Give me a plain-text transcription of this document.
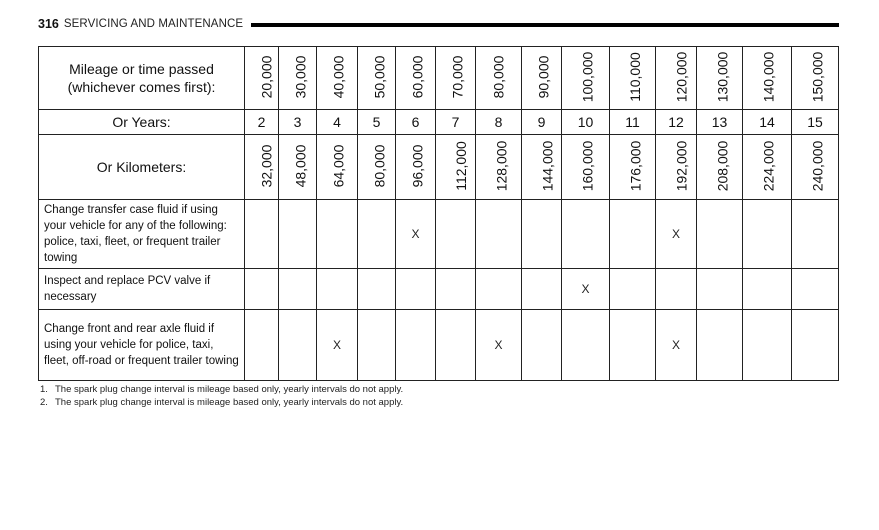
316 SERVICING AND MAINTENANCE
Mileage or time passed
(whichever comes first):	20,000	30,000	40,000	50,000	60,000	70,000	80,000	90,000	100,000	110,000	120,000	130,000	140,000	150,000
Or Years:	2	3	4	5	6	7	8	9	10	11	12	13	14	15
Or Kilometers:	32,000	48,000	64,000	80,000	96,000	112,000	128,000	144,000	160,000	176,000	192,000	208,000	224,000	240,000
Change transfer case fluid if using your vehicle for any of the following: police, taxi, fleet, or frequent trailer towing					X						X			
Inspect and replace PCV valve if necessary									X					
Change front and rear axle fluid if using your vehicle for police, taxi, fleet, off-road or frequent trailer towing			X				X				X			
1. The spark plug change interval is mileage based only, yearly intervals do not apply.
2. The spark plug change interval is mileage based only, yearly intervals do not apply.
